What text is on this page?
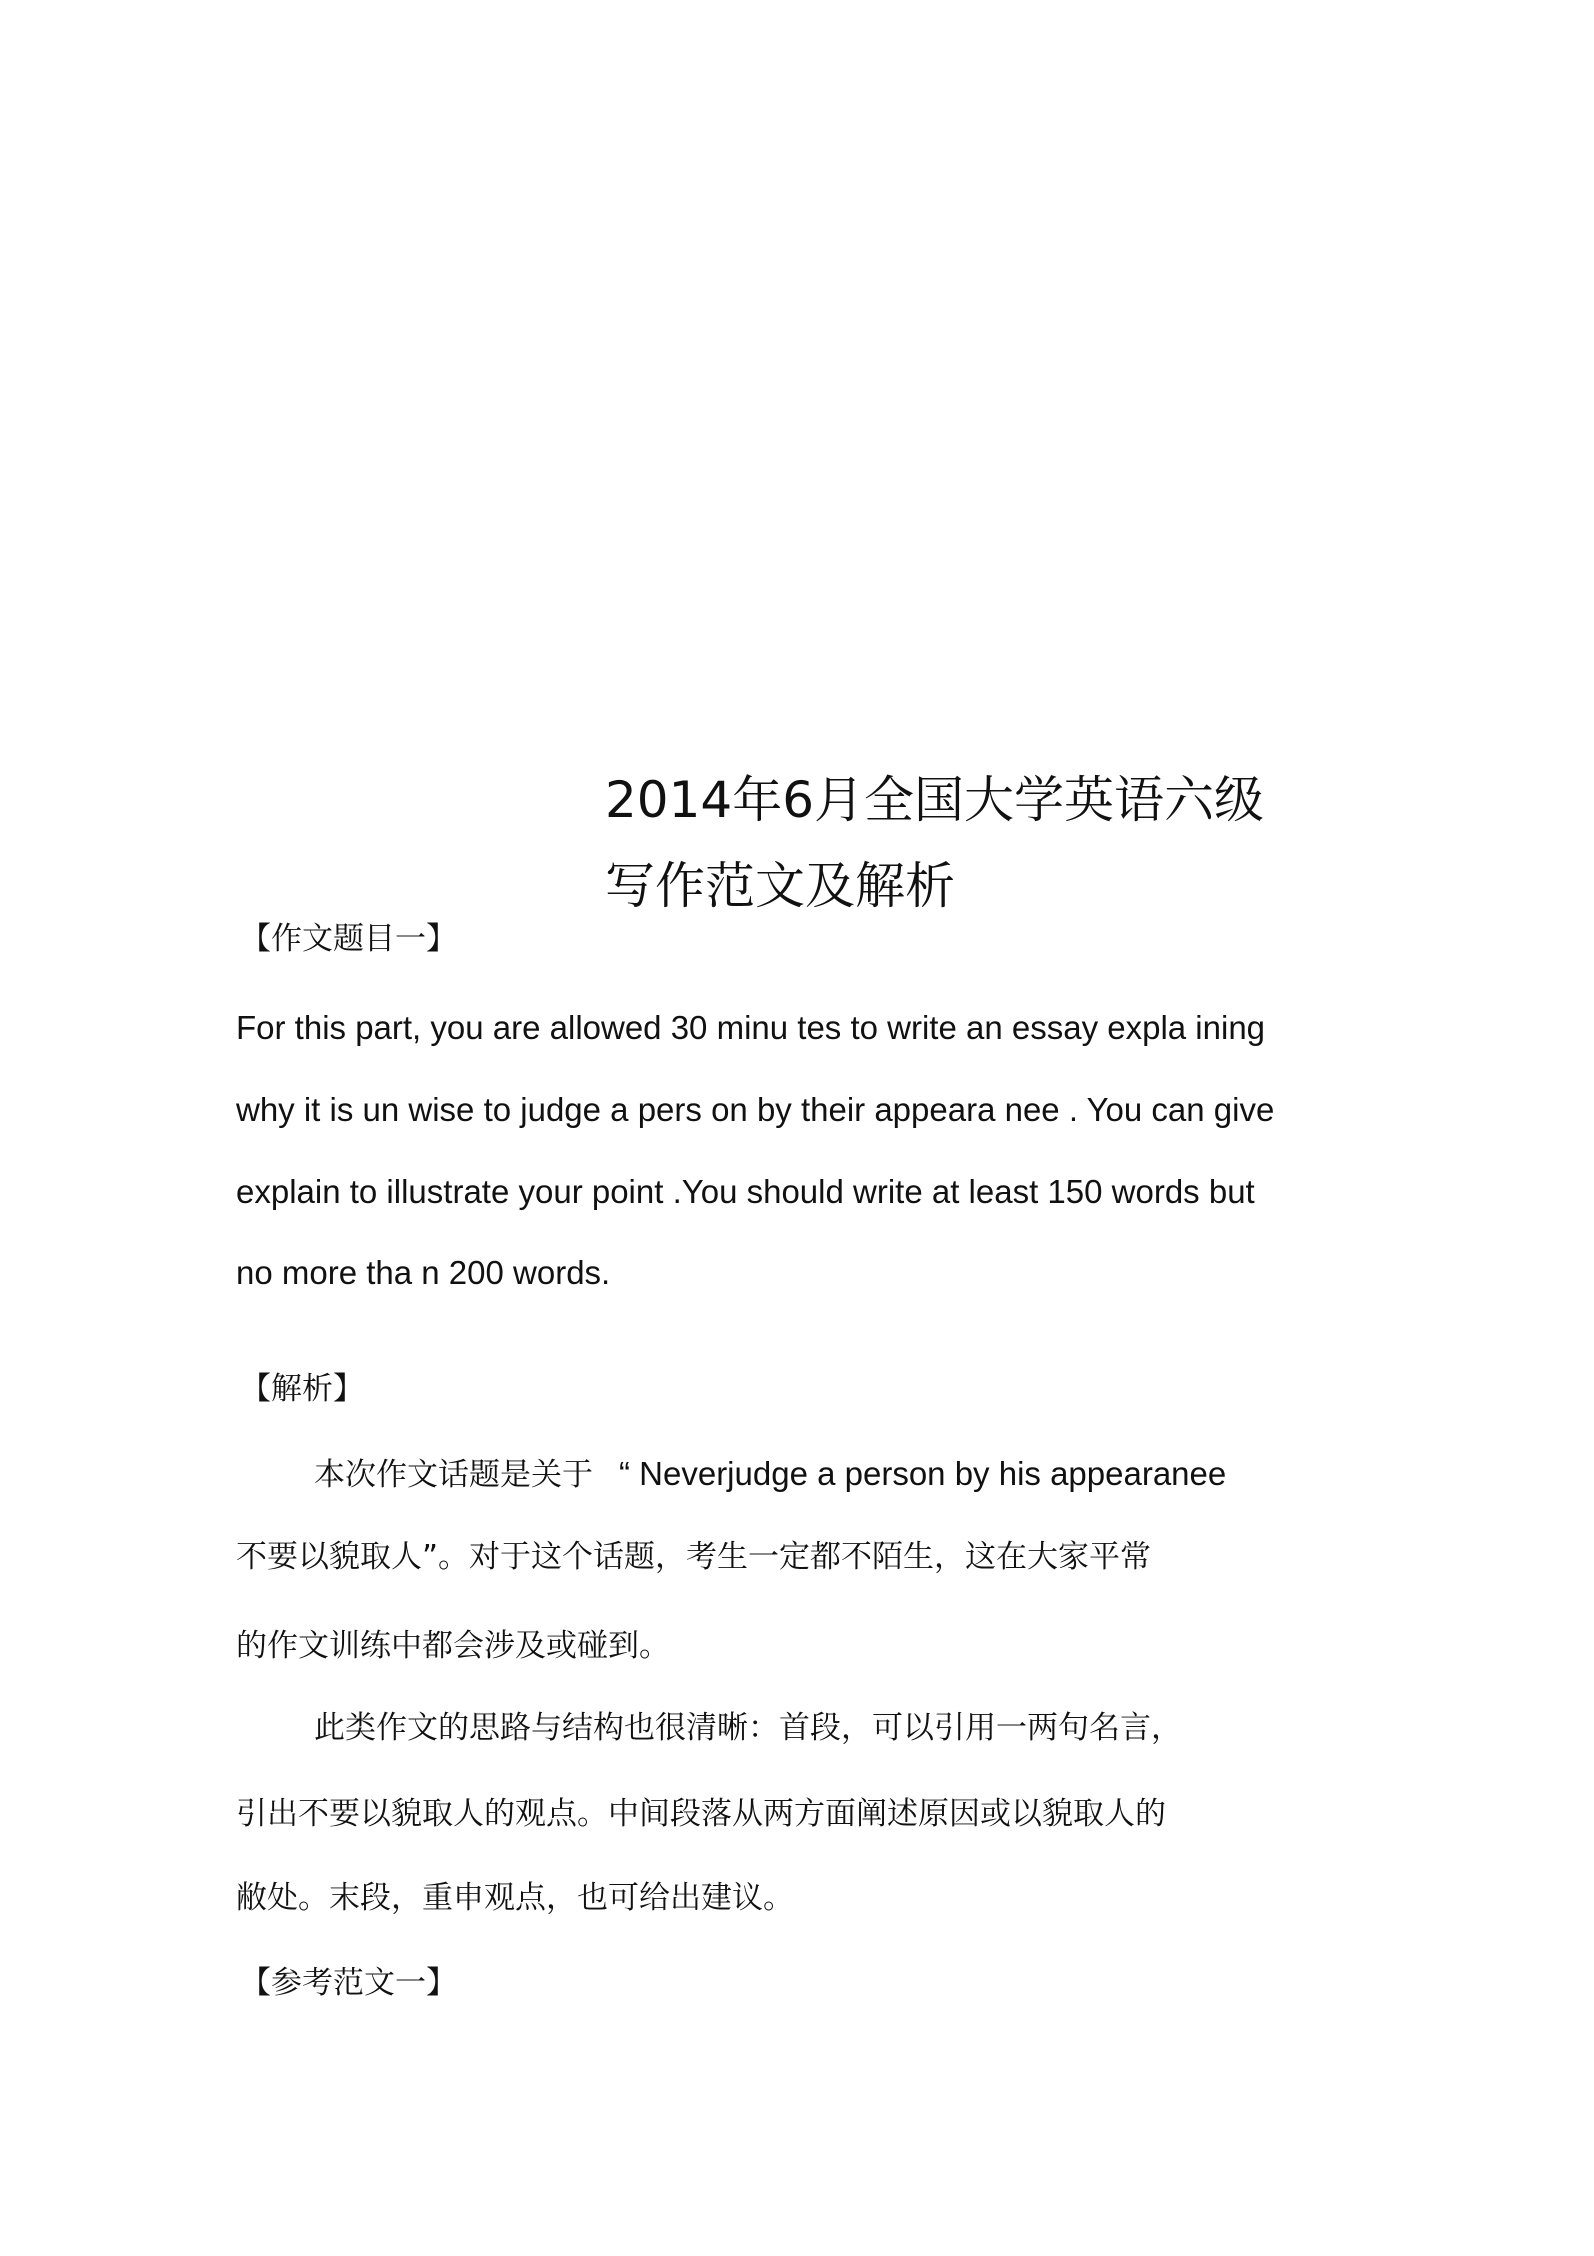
2014年6月全国大学英语六级
写作范文及解析
【作文题目一】
For this part, you are allowed 30 minu tes to write an essay expla ining
why it is un wise to judge a pers on by their appeara nee . You can give
explain to illustrate your point .You should write at least 150 words but
no more tha n 200 words.
【解析】
本次作文话题是关于 “ Neverjudge a person by his appearanee
不要以貌取人”。对于这个话题，考生一定都不陌生，这在大家平常
的作文训练中都会涉及或碰到。
此类作文的思路与结构也很清晰：首段，可以引用一两句名言，
引出不要以貌取人的观点。中间段落从两方面阐述原因或以貌取人的
敝处。末段，重申观点，也可给出建议。
【参考范文一】
